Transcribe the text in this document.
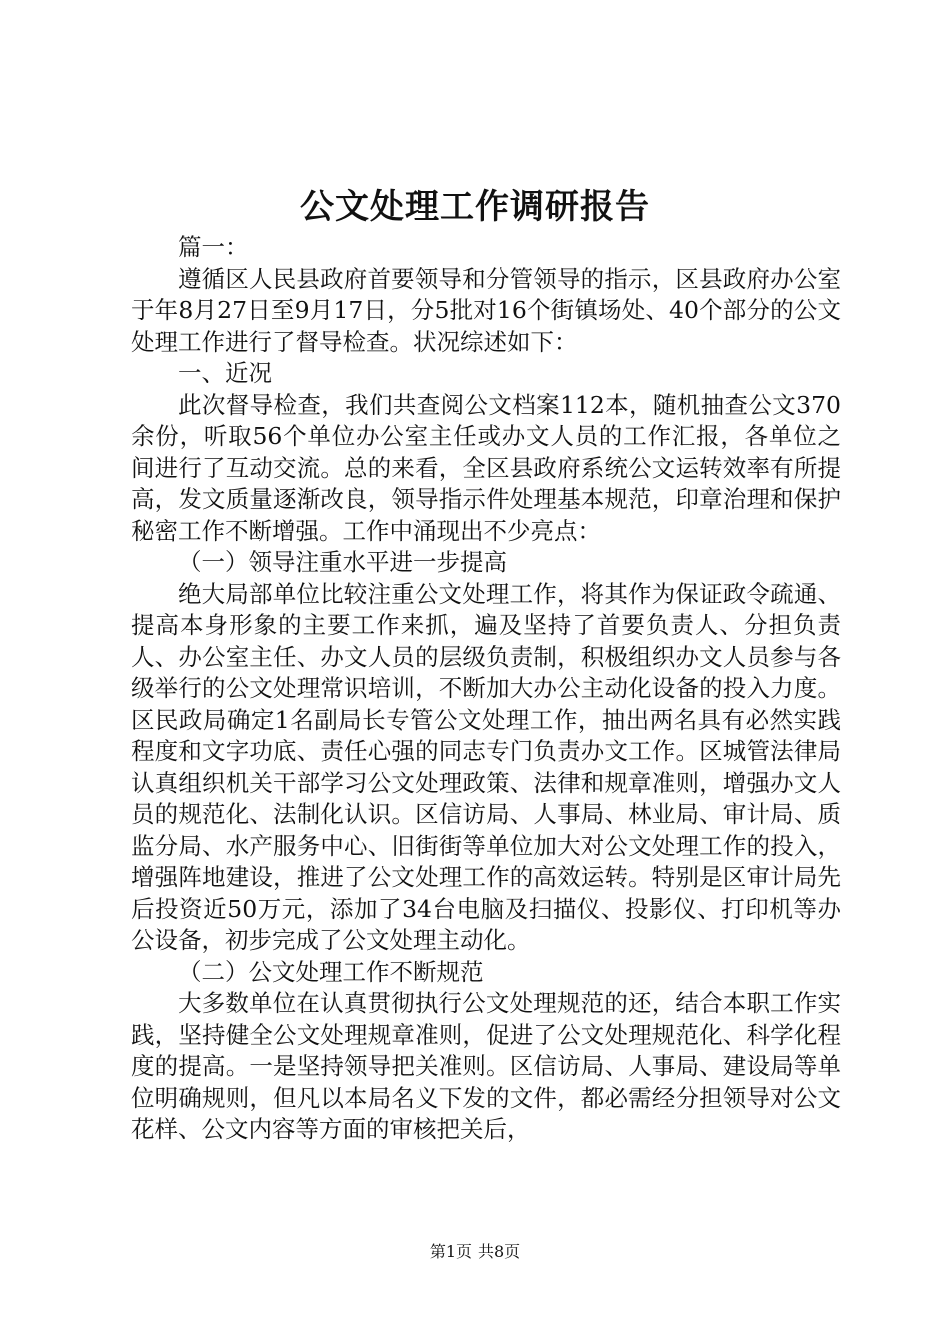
公文处理工作调研报告

篇一：

遵循区人民县政府首要领导和分管领导的指示，区县政府办公室于年8月27日至9月17日，分5批对16个街镇场处、40个部分的公文处理工作进行了督导检查。状况综述如下：

一、近况

此次督导检查，我们共查阅公文档案112本，随机抽查公文370余份，听取56个单位办公室主任或办文人员的工作汇报，各单位之间进行了互动交流。总的来看，全区县政府系统公文运转效率有所提高，发文质量逐渐改良，领导指示件处理基本规范，印章治理和保护秘密工作不断增强。工作中涌现出不少亮点：

（一）领导注重水平进一步提高

绝大局部单位比较注重公文处理工作，将其作为保证政令疏通、提高本身形象的主要工作来抓，遍及坚持了首要负责人、分担负责人、办公室主任、办文人员的层级负责制，积极组织办文人员参与各级举行的公文处理常识培训，不断加大办公主动化设备的投入力度。区民政局确定1名副局长专管公文处理工作，抽出两名具有必然实践程度和文字功底、责任心强的同志专门负责办文工作。区城管法律局认真组织机关干部学习公文处理政策、法律和规章准则，增强办文人员的规范化、法制化认识。区信访局、人事局、林业局、审计局、质监分局、水产服务中心、旧街街等单位加大对公文处理工作的投入，增强阵地建设，推进了公文处理工作的高效运转。特别是区审计局先后投资近50万元，添加了34台电脑及扫描仪、投影仪、打印机等办公设备，初步完成了公文处理主动化。

（二）公文处理工作不断规范

大多数单位在认真贯彻执行公文处理规范的还，结合本职工作实践，坚持健全公文处理规章准则，促进了公文处理规范化、科学化程度的提高。一是坚持领导把关准则。区信访局、人事局、建设局等单位明确规则，但凡以本局名义下发的文件，都必需经分担领导对公文花样、公文内容等方面的审核把关后，

第1页 共8页
